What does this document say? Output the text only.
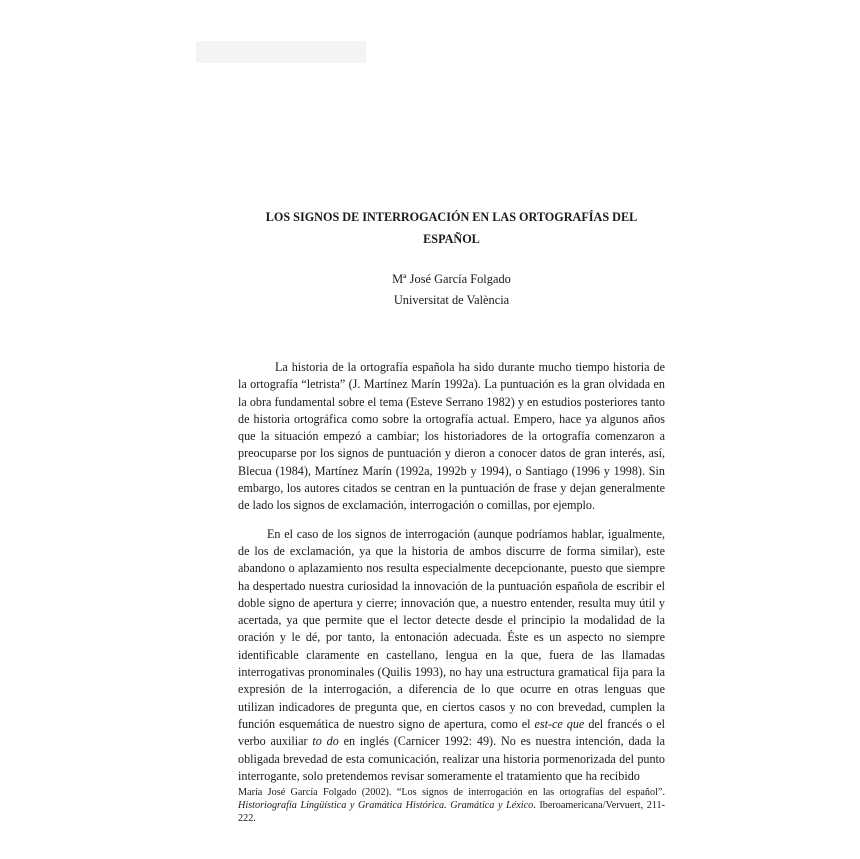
LOS SIGNOS DE INTERROGACIÓN EN LAS ORTOGRAFÍAS DEL
ESPAÑOL
Mª José García Folgado
Universitat de València

La historia de la ortografía española ha sido durante mucho tiempo historia de la ortografía “letrista” (J. Martínez Marín 1992a). La puntuación es la gran olvidada en la obra fundamental sobre el tema (Esteve Serrano 1982) y en estudios posteriores tanto de historia ortográfica como sobre la ortografía actual. Empero, hace ya algunos años que la situación empezó a cambiar; los historiadores de la ortografía comenzaron a preocuparse por los signos de puntuación y dieron a conocer datos de gran interés, así, Blecua (1984), Martínez Marín (1992a, 1992b y 1994), o Santiago (1996 y 1998). Sin embargo, los autores citados se centran en la puntuación de frase y dejan generalmente de lado los signos de exclamación, interrogación o comillas, por ejemplo.

En el caso de los signos de interrogación (aunque podríamos hablar, igualmente, de los de exclamación, ya que la historia de ambos discurre de forma similar), este abandono o aplazamiento nos resulta especialmente decepcionante, puesto que siempre ha despertado nuestra curiosidad la innovación de la puntuación española de escribir el doble signo de apertura y cierre; innovación que, a nuestro entender, resulta muy útil y acertada, ya que permite que el lector detecte desde el principio la modalidad de la oración y le dé, por tanto, la entonación adecuada. Éste es un aspecto no siempre identificable claramente en castellano, lengua en la que, fuera de las llamadas interrogativas pronominales (Quilis 1993), no hay una estructura gramatical fija para la expresión de la interrogación, a diferencia de lo que ocurre en otras lenguas que utilizan indicadores de pregunta que, en ciertos casos y no con brevedad, cumplen la función esquemática de nuestro signo de apertura, como el est-ce que del francés o el verbo auxiliar to do en inglés (Carnicer 1992: 49). No es nuestra intención, dada la obligada brevedad de esta comunicación, realizar una historia pormenorizada del punto interrogante, solo pretendemos revisar someramente el tratamiento que ha recibido

María José García Folgado (2002). “Los signos de interrogación en las ortografías del español”. Historiografía Lingüística y Gramática Histórica. Gramática y Léxico. Iberoamericana/Vervuert, 211-222.
